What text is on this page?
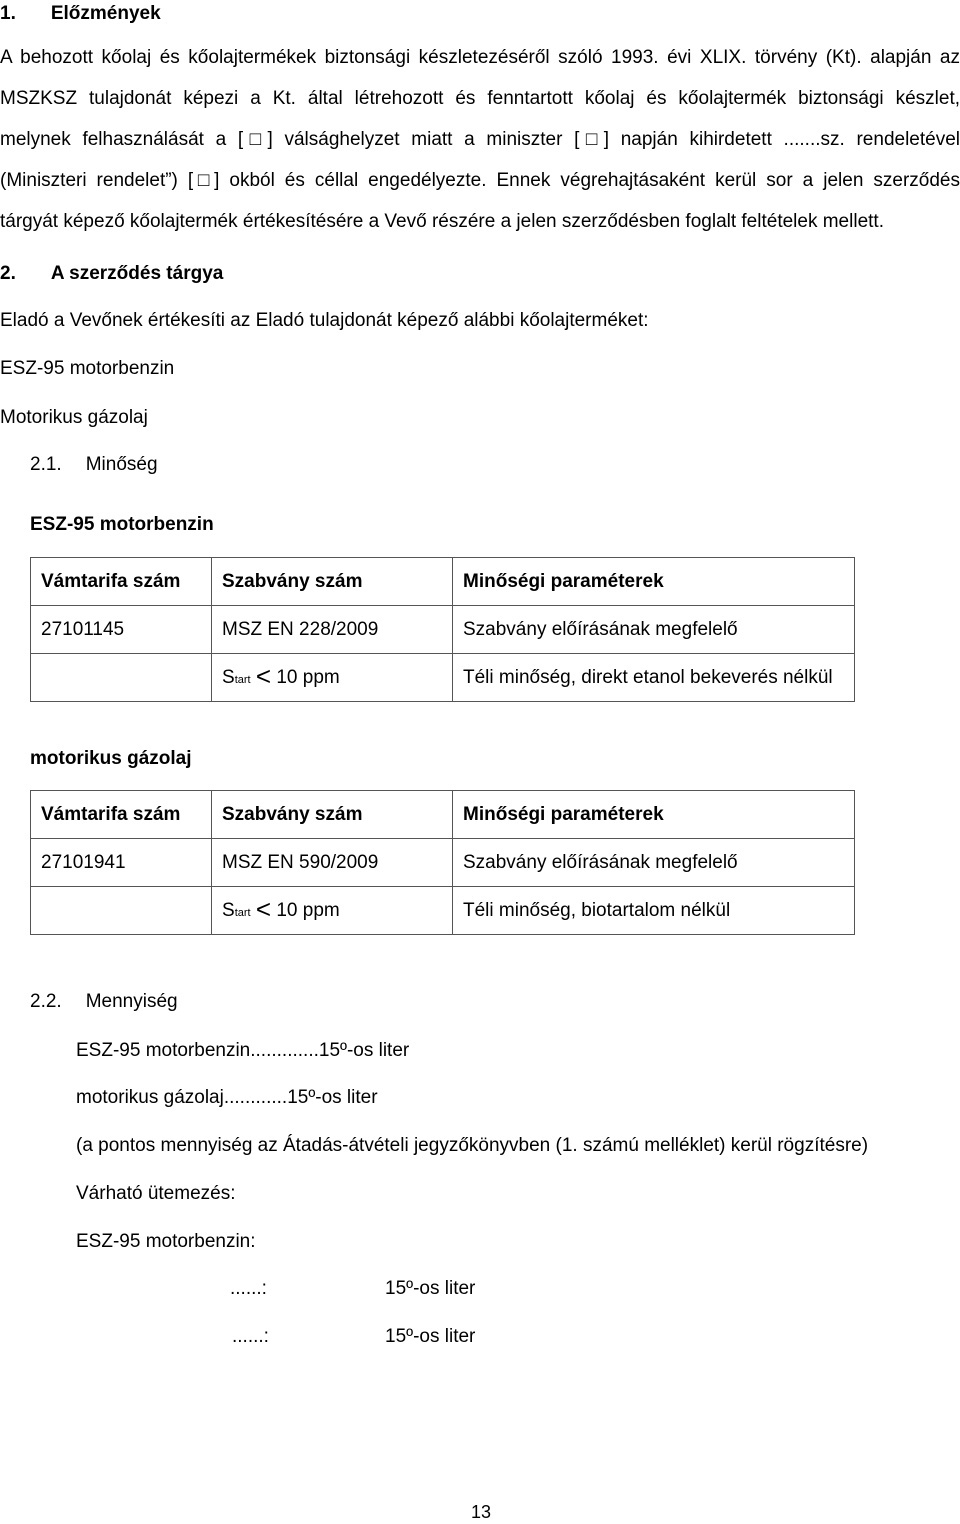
1. Előzmények
A behozott kőolaj és kőolajtermékek biztonsági készletezéséről szóló 1993. évi XLIX. törvény (Kt). alapján az
MSZKSZ tulajdonát képezi a Kt. által létrehozott és fenntartott kőolaj és kőolajtermék biztonsági készlet,
melynek felhasználását a [□] válsághelyzet miatt a miniszter [□] napján kihirdetett .......sz. rendeletével
(Miniszteri rendelet”) [□] okból és céllal engedélyezte. Ennek végrehajtásaként kerül sor a jelen szerződés
tárgyát képező kőolajtermék értékesítésére a Vevő részére a jelen szerződésben foglalt feltételek mellett.
2. A szerződés tárgya
Eladó a Vevőnek értékesíti az Eladó tulajdonát képező alábbi kőolajterméket:
ESZ-95 motorbenzin
Motorikus gázolaj
2.1. Minőség
ESZ-95 motorbenzin
Vámtarifa szám	Szabvány szám	Minőségi paraméterek
27101145	MSZ EN 228/2009	Szabvány előírásának megfelelő
	Start < 10 ppm	Téli minőség, direkt etanol bekeverés nélkül
motorikus gázolaj
Vámtarifa szám	Szabvány szám	Minőségi paraméterek
27101941	MSZ EN 590/2009	Szabvány előírásának megfelelő
	Start < 10 ppm	Téli minőség, biotartalom nélkül
2.2. Mennyiség
ESZ-95 motorbenzin.............15º-os liter
motorikus gázolaj............15º-os liter
(a pontos mennyiség az Átadás-átvételi jegyzőkönyvben (1. számú melléklet) kerül rögzítésre)
Várható ütemezés:
ESZ-95 motorbenzin:
......:	15º-os liter
......:	15º-os liter
13
